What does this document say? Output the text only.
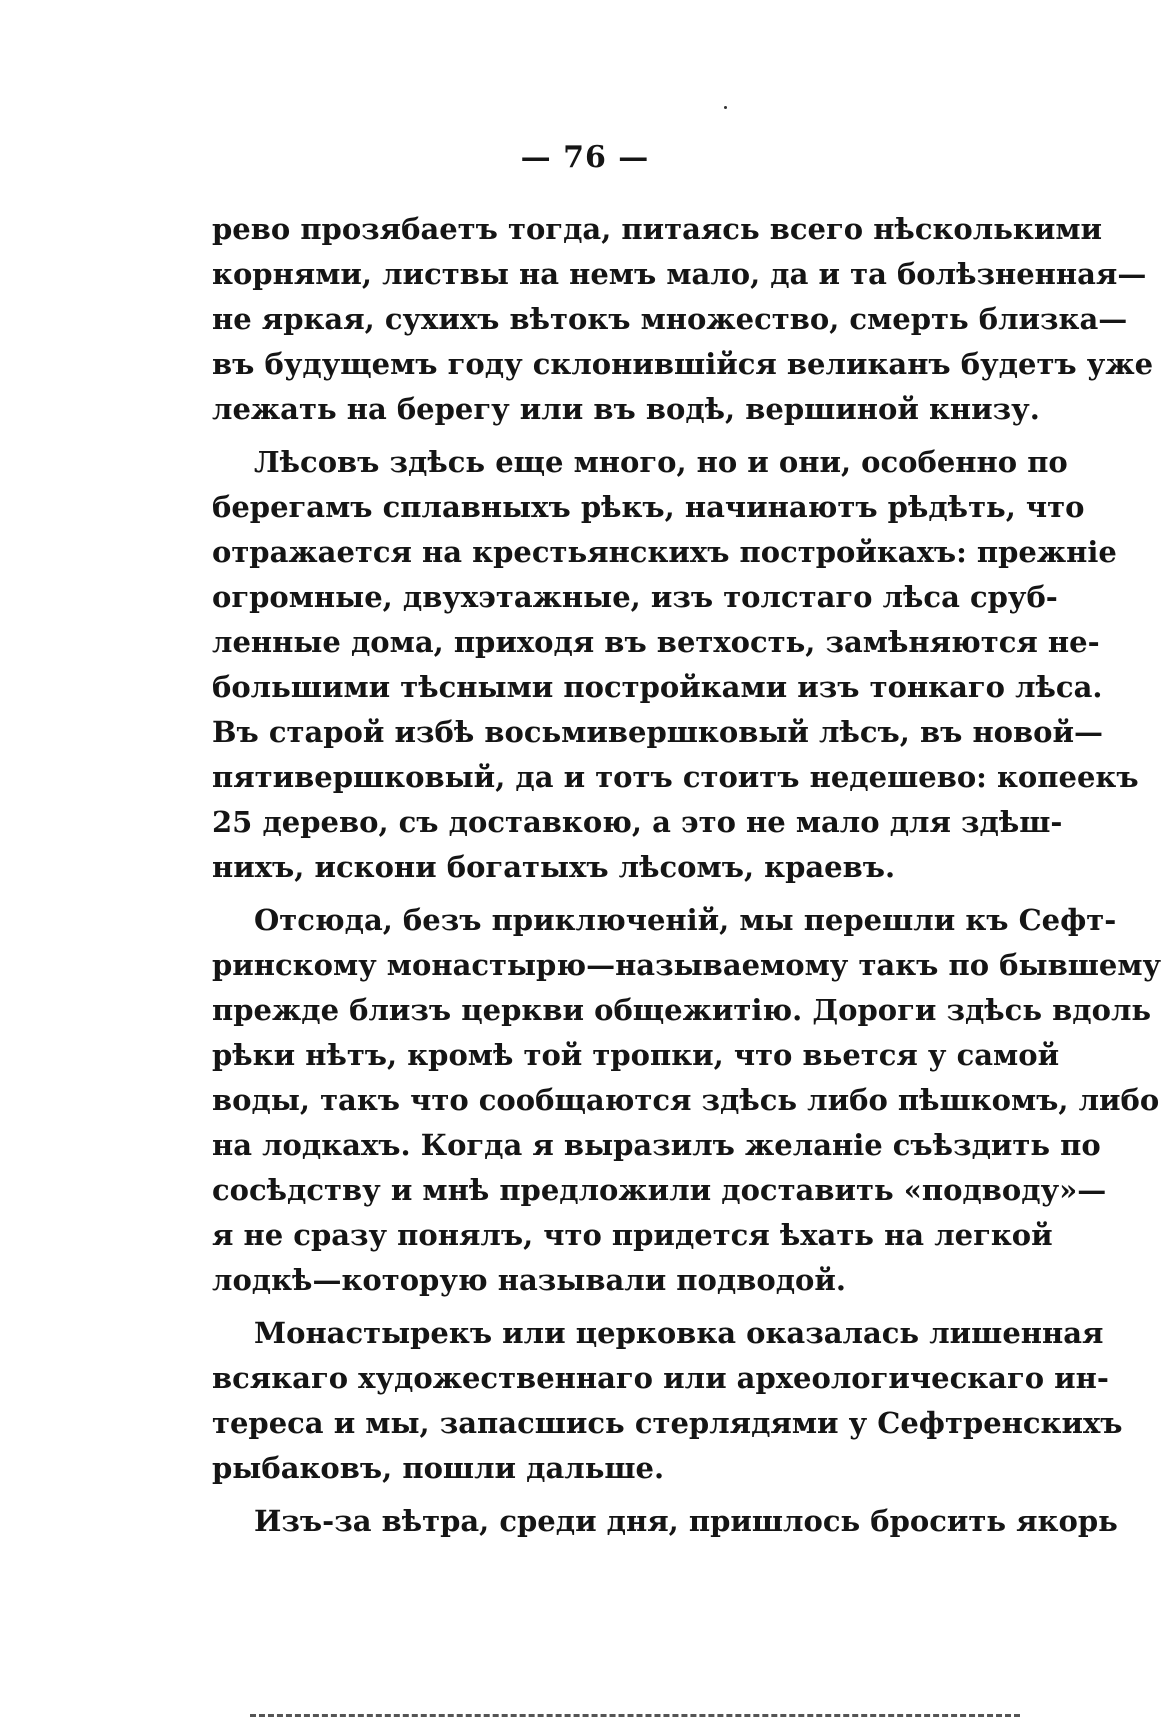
— 76 —
рево прозябаетъ тогда, питаясь всего нѣсколькими
корнями, листвы на немъ мало, да и та болѣзненная—
не яркая, сухихъ вѣтокъ множество, смерть близка—
въ будущемъ году склонившійся великанъ будетъ уже
лежать на берегу или въ водѣ, вершиной книзу.
Лѣсовъ здѣсь еще много, но и они, особенно по
берегамъ сплавныхъ рѣкъ, начинаютъ рѣдѣть, что
отражается на крестьянскихъ постройкахъ: прежніе
огромные, двухэтажные, изъ толстаго лѣса сруб-
ленные дома, приходя въ ветхость, замѣняются не-
большими тѣсными постройками изъ тонкаго лѣса.
Въ старой избѣ восьмивершковый лѣсъ, въ новой—
пятивершковый, да и тотъ стоитъ недешево: копеекъ
25 дерево, съ доставкою, а это не мало для здѣш-
нихъ, искони богатыхъ лѣсомъ, краевъ.
Отсюда, безъ приключеній, мы перешли къ Сефт-
ринскому монастырю—называемому такъ по бывшему
прежде близъ церкви общежитію. Дороги здѣсь вдоль
рѣки нѣтъ, кромѣ той тропки, что вьется у самой
воды, такъ что сообщаются здѣсь либо пѣшкомъ, либо
на лодкахъ. Когда я выразилъ желаніе съѣздить по
сосѣдству и мнѣ предложили доставить «подводу»—
я не сразу понялъ, что придется ѣхать на легкой
лодкѣ—которую называли подводой.
Монастырекъ или церковка оказалась лишенная
всякаго художественнаго или археологическаго ин-
тереса и мы, запасшись стерлядями у Сефтренскихъ
рыбаковъ, пошли дальше.
Изъ-за вѣтра, среди дня, пришлось бросить якорь
